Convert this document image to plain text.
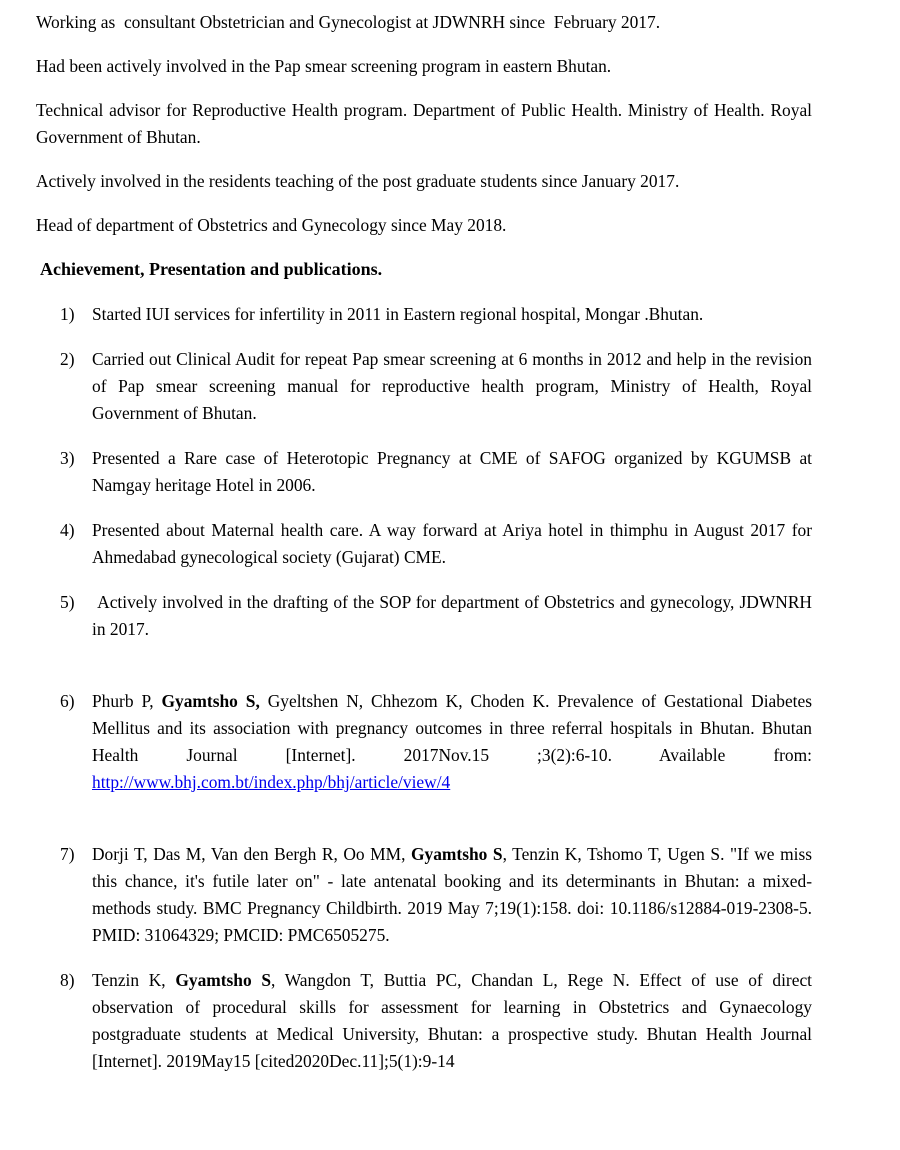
Working as  consultant Obstetrician and Gynecologist at JDWNRH since  February 2017.

Had been actively involved in the Pap smear screening program in eastern Bhutan.

Technical advisor for Reproductive Health program. Department of Public Health. Ministry of Health. Royal Government of Bhutan.

Actively involved in the residents teaching of the post graduate students since January 2017.

Head of department of Obstetrics and Gynecology since May 2018.

Achievement, Presentation and publications.
1) Started IUI services for infertility in 2011 in Eastern regional hospital, Mongar .Bhutan.
2) Carried out Clinical Audit for repeat Pap smear screening at 6 months in 2012 and help in the revision of Pap smear screening manual for reproductive health program, Ministry of Health, Royal Government of Bhutan.
3) Presented a Rare case of Heterotopic Pregnancy at CME of SAFOG organized by KGUMSB at Namgay heritage Hotel in 2006.
4) Presented about Maternal health care. A way forward at Ariya hotel in thimphu in August 2017 for Ahmedabad gynecological society (Gujarat) CME.
5) Actively involved in the drafting of the SOP for department of Obstetrics and gynecology, JDWNRH in 2017.
6) Phurb P, Gyamtsho S, Gyeltshen N, Chhezom K, Choden K. Prevalence of Gestational Diabetes Mellitus and its association with pregnancy outcomes in three referral hospitals in Bhutan. Bhutan Health Journal [Internet]. 2017Nov.15 ;3(2):6-10. Available from: http://www.bhj.com.bt/index.php/bhj/article/view/4
7) Dorji T, Das M, Van den Bergh R, Oo MM, Gyamtsho S, Tenzin K, Tshomo T, Ugen S. "If we miss this chance, it's futile later on" - late antenatal booking and its determinants in Bhutan: a mixed-methods study. BMC Pregnancy Childbirth. 2019 May 7;19(1):158. doi: 10.1186/s12884-019-2308-5. PMID: 31064329; PMCID: PMC6505275.
8) Tenzin K, Gyamtsho S, Wangdon T, Buttia PC, Chandan L, Rege N. Effect of use of direct observation of procedural skills for assessment for learning in Obstetrics and Gynaecology postgraduate students at Medical University, Bhutan: a prospective study. Bhutan Health Journal [Internet]. 2019May15 [cited2020Dec.11];5(1):9-14
